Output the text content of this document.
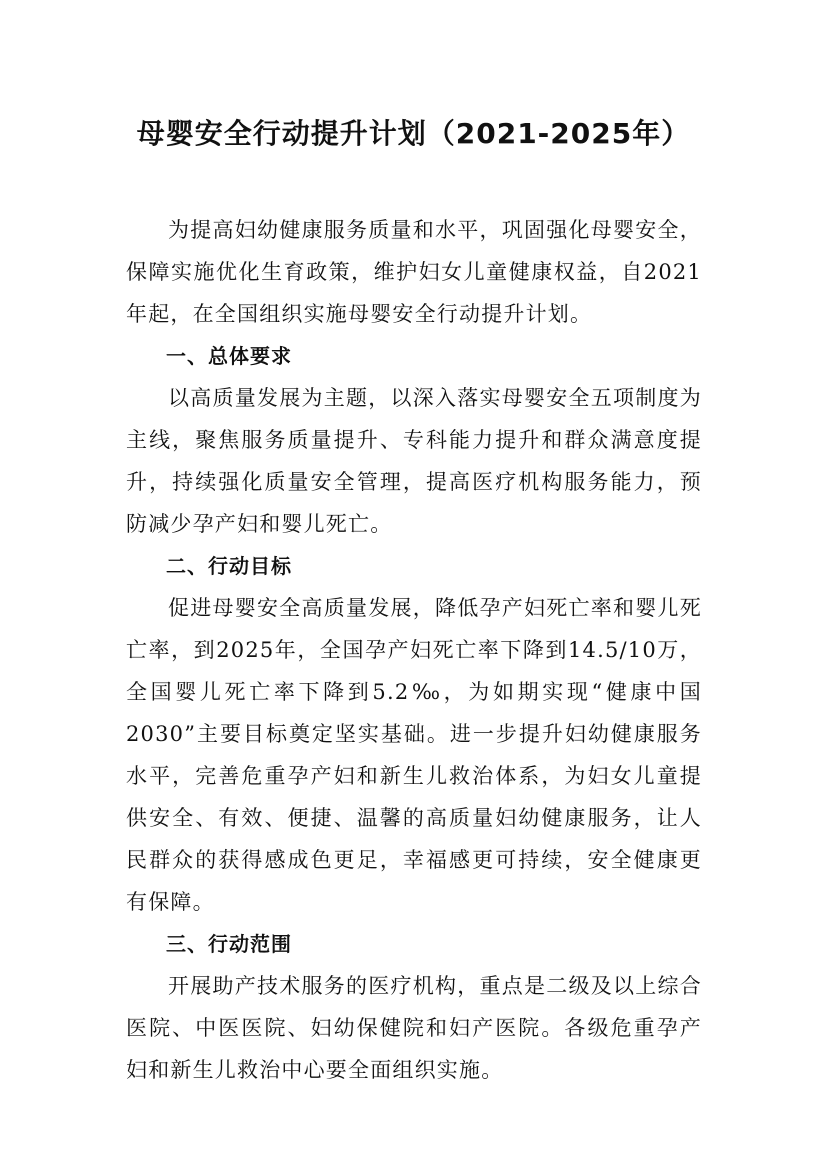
母婴安全行动提升计划（2021-2025年）

为提高妇幼健康服务质量和水平，巩固强化母婴安全，保障实施优化生育政策，维护妇女儿童健康权益，自2021年起，在全国组织实施母婴安全行动提升计划。

一、总体要求

以高质量发展为主题，以深入落实母婴安全五项制度为主线，聚焦服务质量提升、专科能力提升和群众满意度提升，持续强化质量安全管理，提高医疗机构服务能力，预防减少孕产妇和婴儿死亡。

二、行动目标

促进母婴安全高质量发展，降低孕产妇死亡率和婴儿死亡率，到2025年，全国孕产妇死亡率下降到14.5/10万，全国婴儿死亡率下降到5.2‰，为如期实现“健康中国2030”主要目标奠定坚实基础。进一步提升妇幼健康服务水平，完善危重孕产妇和新生儿救治体系，为妇女儿童提供安全、有效、便捷、温馨的高质量妇幼健康服务，让人民群众的获得感成色更足，幸福感更可持续，安全健康更有保障。

三、行动范围

开展助产技术服务的医疗机构，重点是二级及以上综合医院、中医医院、妇幼保健院和妇产医院。各级危重孕产妇和新生儿救治中心要全面组织实施。
